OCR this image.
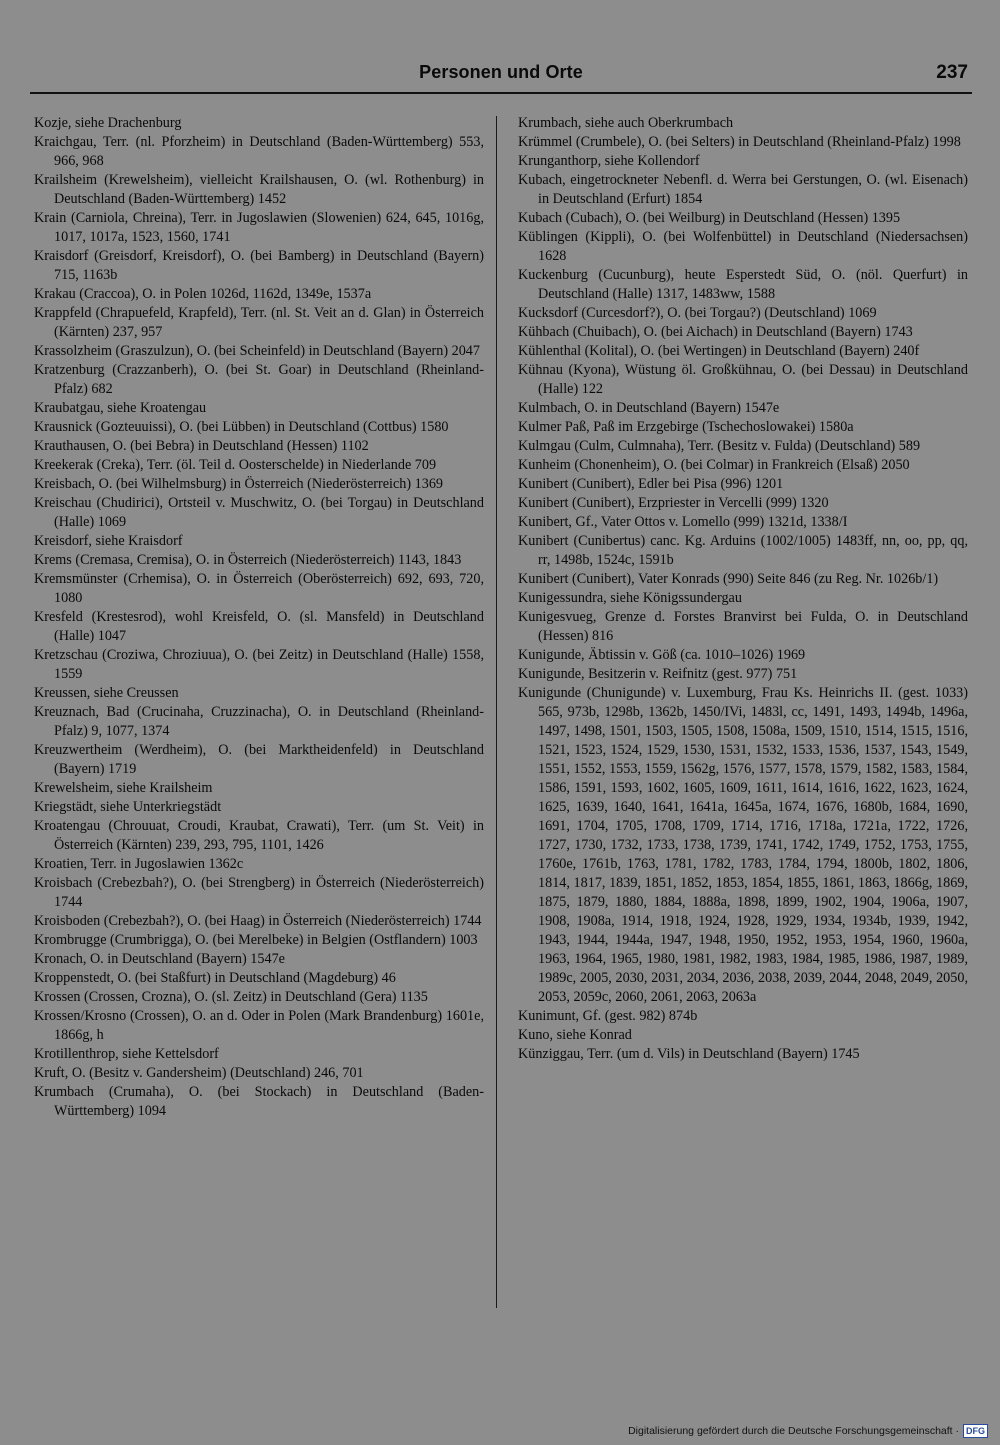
Personen und Orte	237

Kozje, siehe Drachenburg

Kraichgau, Terr. (nl. Pforzheim) in Deutschland (Baden-Württemberg) 553, 966, 968

Krailsheim (Krewelsheim), vielleicht Krailshausen, O. (wl. Rothenburg) in Deutschland (Baden-Württemberg) 1452

Krain (Carniola, Chreina), Terr. in Jugoslawien (Slowenien) 624, 645, 1016g, 1017, 1017a, 1523, 1560, 1741

Kraisdorf (Greisdorf, Kreisdorf), O. (bei Bamberg) in Deutschland (Bayern) 715, 1163b

Krakau (Craccoa), O. in Polen 1026d, 1162d, 1349e, 1537a

Krappfeld (Chrapuefeld, Krapfeld), Terr. (nl. St. Veit an d. Glan) in Österreich (Kärnten) 237, 957

Krassolzheim (Graszulzun), O. (bei Scheinfeld) in Deutschland (Bayern) 2047

Kratzenburg (Crazzanberh), O. (bei St. Goar) in Deutschland (Rheinland-Pfalz) 682

Kraubatgau, siehe Kroatengau

Krausnick (Gozteuuissi), O. (bei Lübben) in Deutschland (Cottbus) 1580

Krauthausen, O. (bei Bebra) in Deutschland (Hessen) 1102

Kreekerak (Creka), Terr. (öl. Teil d. Oosterschelde) in Niederlande 709

Kreisbach, O. (bei Wilhelmsburg) in Österreich (Niederösterreich) 1369

Kreischau (Chudirici), Ortsteil v. Muschwitz, O. (bei Torgau) in Deutschland (Halle) 1069

Kreisdorf, siehe Kraisdorf

Krems (Cremasa, Cremisa), O. in Österreich (Niederösterreich) 1143, 1843

Kremsmünster (Crhemisa), O. in Österreich (Oberösterreich) 692, 693, 720, 1080

Kresfeld (Krestesrod), wohl Kreisfeld, O. (sl. Mansfeld) in Deutschland (Halle) 1047

Kretzschau (Croziwa, Chroziuua), O. (bei Zeitz) in Deutschland (Halle) 1558, 1559

Kreussen, siehe Creussen

Kreuznach, Bad (Crucinaha, Cruzzinacha), O. in Deutschland (Rheinland-Pfalz) 9, 1077, 1374

Kreuzwertheim (Werdheim), O. (bei Marktheidenfeld) in Deutschland (Bayern) 1719

Krewelsheim, siehe Krailsheim

Kriegstädt, siehe Unterkriegstädt

Kroatengau (Chrouuat, Croudi, Kraubat, Crawati), Terr. (um St. Veit) in Österreich (Kärnten) 239, 293, 795, 1101, 1426

Kroatien, Terr. in Jugoslawien 1362c

Kroisbach (Crebezbah?), O. (bei Strengberg) in Österreich (Niederösterreich) 1744

Kroisboden (Crebezbah?), O. (bei Haag) in Österreich (Niederösterreich) 1744

Krombrugge (Crumbrigga), O. (bei Merelbeke) in Belgien (Ostflandern) 1003

Kronach, O. in Deutschland (Bayern) 1547e

Kroppenstedt, O. (bei Staßfurt) in Deutschland (Magdeburg) 46

Krossen (Crossen, Crozna), O. (sl. Zeitz) in Deutschland (Gera) 1135

Krossen/Krosno (Crossen), O. an d. Oder in Polen (Mark Brandenburg) 1601e, 1866g, h

Krotillenthrop, siehe Kettelsdorf

Kruft, O. (Besitz v. Gandersheim) (Deutschland) 246, 701

Krumbach (Crumaha), O. (bei Stockach) in Deutschland (Baden-Württemberg) 1094

Krumbach, siehe auch Oberkrumbach

Krümmel (Crumbele), O. (bei Selters) in Deutschland (Rheinland-Pfalz) 1998

Krunganthorp, siehe Kollendorf

Kubach, eingetrockneter Nebenfl. d. Werra bei Gerstungen, O. (wl. Eisenach) in Deutschland (Erfurt) 1854

Kubach (Cubach), O. (bei Weilburg) in Deutschland (Hessen) 1395

Küblingen (Kippli), O. (bei Wolfenbüttel) in Deutschland (Niedersachsen) 1628

Kuckenburg (Cucunburg), heute Esperstedt Süd, O. (nöl. Querfurt) in Deutschland (Halle) 1317, 1483ww, 1588

Kucksdorf (Curcesdorf?), O. (bei Torgau?) (Deutschland) 1069

Kühbach (Chuibach), O. (bei Aichach) in Deutschland (Bayern) 1743

Kühlenthal (Kolital), O. (bei Wertingen) in Deutschland (Bayern) 240f

Kühnau (Kyona), Wüstung öl. Großkühnau, O. (bei Dessau) in Deutschland (Halle) 122

Kulmbach, O. in Deutschland (Bayern) 1547e

Kulmer Paß, Paß im Erzgebirge (Tschechoslowakei) 1580a

Kulmgau (Culm, Culmnaha), Terr. (Besitz v. Fulda) (Deutschland) 589

Kunheim (Chonenheim), O. (bei Colmar) in Frankreich (Elsaß) 2050

Kunibert (Cunibert), Edler bei Pisa (996) 1201

Kunibert (Cunibert), Erzpriester in Vercelli (999) 1320

Kunibert, Gf., Vater Ottos v. Lomello (999) 1321d, 1338/I

Kunibert (Cunibertus) canc. Kg. Arduins (1002/1005) 1483ff, nn, oo, pp, qq, rr, 1498b, 1524c, 1591b

Kunibert (Cunibert), Vater Konrads (990) Seite 846 (zu Reg. Nr. 1026b/1)

Kunigessundra, siehe Königssundergau

Kunigesvueg, Grenze d. Forstes Branvirst bei Fulda, O. in Deutschland (Hessen) 816

Kunigunde, Äbtissin v. Göß (ca. 1010–1026) 1969

Kunigunde, Besitzerin v. Reifnitz (gest. 977) 751

Kunigunde (Chunigunde) v. Luxemburg, Frau Ks. Heinrichs II. (gest. 1033) 565, 973b, 1298b, 1362b, 1450/IVi, 1483l, cc, 1491, 1493, 1494b, 1496a, 1497, 1498, 1501, 1503, 1505, 1508, 1508a, 1509, 1510, 1514, 1515, 1516, 1521, 1523, 1524, 1529, 1530, 1531, 1532, 1533, 1536, 1537, 1543, 1549, 1551, 1552, 1553, 1559, 1562g, 1576, 1577, 1578, 1579, 1582, 1583, 1584, 1586, 1591, 1593, 1602, 1605, 1609, 1611, 1614, 1616, 1622, 1623, 1624, 1625, 1639, 1640, 1641, 1641a, 1645a, 1674, 1676, 1680b, 1684, 1690, 1691, 1704, 1705, 1708, 1709, 1714, 1716, 1718a, 1721a, 1722, 1726, 1727, 1730, 1732, 1733, 1738, 1739, 1741, 1742, 1749, 1752, 1753, 1755, 1760e, 1761b, 1763, 1781, 1782, 1783, 1784, 1794, 1800b, 1802, 1806, 1814, 1817, 1839, 1851, 1852, 1853, 1854, 1855, 1861, 1863, 1866g, 1869, 1875, 1879, 1880, 1884, 1888a, 1898, 1899, 1902, 1904, 1906a, 1907, 1908, 1908a, 1914, 1918, 1924, 1928, 1929, 1934, 1934b, 1939, 1942, 1943, 1944, 1944a, 1947, 1948, 1950, 1952, 1953, 1954, 1960, 1960a, 1963, 1964, 1965, 1980, 1981, 1982, 1983, 1984, 1985, 1986, 1987, 1989, 1989c, 2005, 2030, 2031, 2034, 2036, 2038, 2039, 2044, 2048, 2049, 2050, 2053, 2059c, 2060, 2061, 2063, 2063a

Kunimunt, Gf. (gest. 982) 874b

Kuno, siehe Konrad

Künziggau, Terr. (um d. Vils) in Deutschland (Bayern) 1745

Digitalisierung gefördert durch die Deutsche Forschungsgemeinschaft · DFG
